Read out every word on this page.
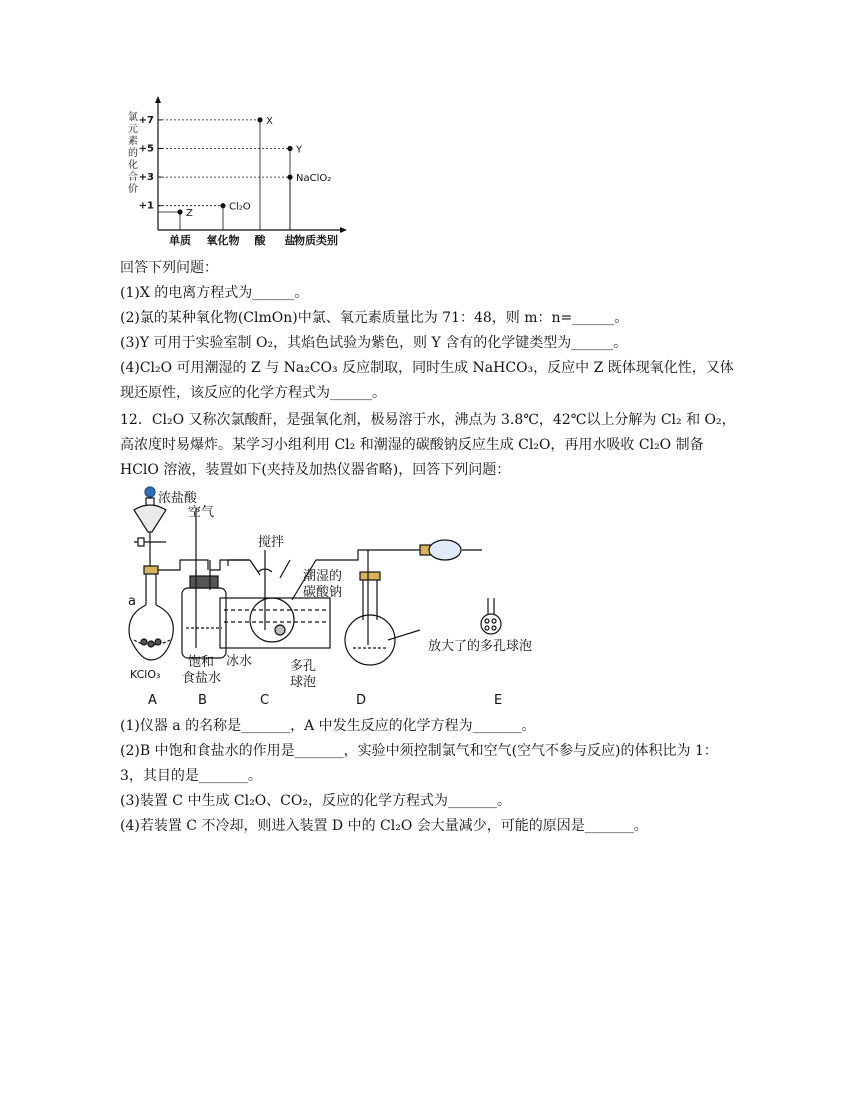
氯元素的化合价
+7
+5
+3
+1
Z
Cl₂O
X
Y
NaClO₂
单质 氧化物 酸 盐
物质类别
回答下列问题：
(1)X 的电离方程式为______。
(2)氯的某种氧化物(ClmOn)中氯、氧元素质量比为 71：48，则 m：n=______。
(3)Y 可用于实验室制 O₂，其焰色试验为紫色，则 Y 含有的化学键类型为______。
(4)Cl₂O 可用潮湿的 Z 与 Na₂CO₃ 反应制取，同时生成 NaHCO₃，反应中 Z 既体现氧化性，又体
现还原性，该反应的化学方程式为______。
12．Cl₂O 又称次氯酸酐，是强氧化剂，极易溶于水，沸点为 3.8℃，42℃以上分解为 Cl₂ 和 O₂，
高浓度时易爆炸。某学习小组利用 Cl₂ 和潮湿的碳酸钠反应生成 Cl₂O，再用水吸收 Cl₂O 制备
HClO 溶液，装置如下(夹持及加热仪器省略)，回答下列问题：
浓盐酸
空气
搅拌
潮湿的
碳酸钠
a
KClO₃
饱和
食盐水
冰水	多孔
球泡
放大了的多孔球泡
A	B	C	D	E
(1)仪器 a 的名称是_______，A 中发生反应的化学方程为_______。
(2)B 中饱和食盐水的作用是_______，实验中须控制氯气和空气(空气不参与反应)的体积比为 1：
3，其目的是_______。
(3)装置 C 中生成 Cl₂O、CO₂，反应的化学方程式为_______。
(4)若装置 C 不冷却，则进入装置 D 中的 Cl₂O 会大量减少，可能的原因是_______。
